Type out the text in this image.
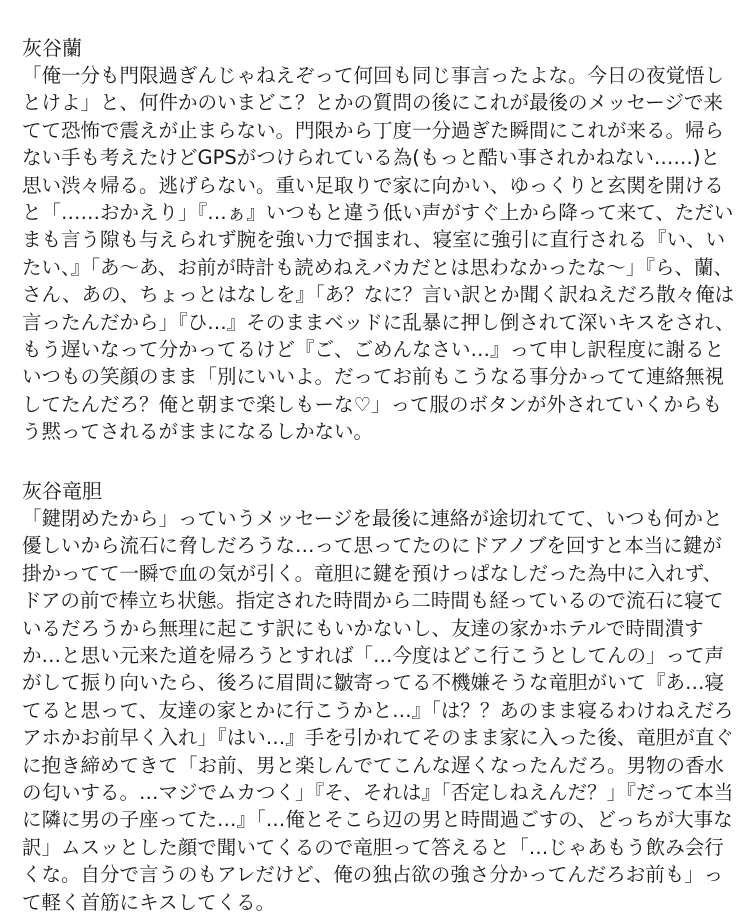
灰谷蘭

「俺一分も門限過ぎんじゃねえぞって何回も同じ事言ったよな。今日の夜覚悟しとけよ」と、何件かのいまどこ？とかの質問の後にこれが最後のメッセージで来てて恐怖で震えが止まらない。門限から丁度一分過ぎた瞬間にこれが来る。帰らない手も考えたけどGPSがつけられている為(もっと酷い事されかねない……)と思い渋々帰る。逃げらない。重い足取りで家に向かい、ゆっくりと玄関を開けると「……おかえり」『…ぁ』いつもと違う低い声がすぐ上から降って来て、ただいまも言う隙も与えられず腕を強い力で掴まれ、寝室に強引に直行される『い、いたい、』「あ〜あ、お前が時計も読めねえバカだとは思わなかったな〜」『ら、蘭、さん、あの、ちょっとはなしを』「あ？なに？言い訳とか聞く訳ねえだろ散々俺は言ったんだから」『ひ…』そのままベッドに乱暴に押し倒されて深いキスをされ、もう遅いなって分かってるけど『ご、ごめんなさい…』って申し訳程度に謝るといつもの笑顔のまま「別にいいよ。だってお前もこうなる事分かってて連絡無視してたんだろ？俺と朝まで楽しもーな♡」って服のボタンが外されていくからもう黙ってされるがままになるしかない。

灰谷竜胆

「鍵閉めたから」っていうメッセージを最後に連絡が途切れてて、いつも何かと優しいから流石に脅しだろうな…って思ってたのにドアノブを回すと本当に鍵が掛かってて一瞬で血の気が引く。竜胆に鍵を預けっぱなしだった為中に入れず、ドアの前で棒立ち状態。指定された時間から二時間も経っているので流石に寝ているだろうから無理に起こす訳にもいかないし、友達の家かホテルで時間潰すか…と思い元来た道を帰ろうとすれば「…今度はどこ行こうとしてんの」って声がして振り向いたら、後ろに眉間に皺寄ってる不機嫌そうな竜胆がいて『あ…寝てると思って、友達の家とかに行こうかと…』「は？？あのまま寝るわけねえだろアホかお前早く入れ」『はい…』手を引かれてそのまま家に入った後、竜胆が直ぐに抱き締めてきて「お前、男と楽しんでてこんな遅くなったんだろ。男物の香水の匂いする。…マジでムカつく」『そ、それは』「否定しねえんだ？」『だって本当に隣に男の子座ってた…』「…俺とそこら辺の男と時間過ごすの、どっちが大事な訳」ムスッとした顔で聞いてくるので竜胆って答えると「…じゃあもう飲み会行くな。自分で言うのもアレだけど、俺の独占欲の強さ分かってんだろお前も」って軽く首筋にキスしてくる。
